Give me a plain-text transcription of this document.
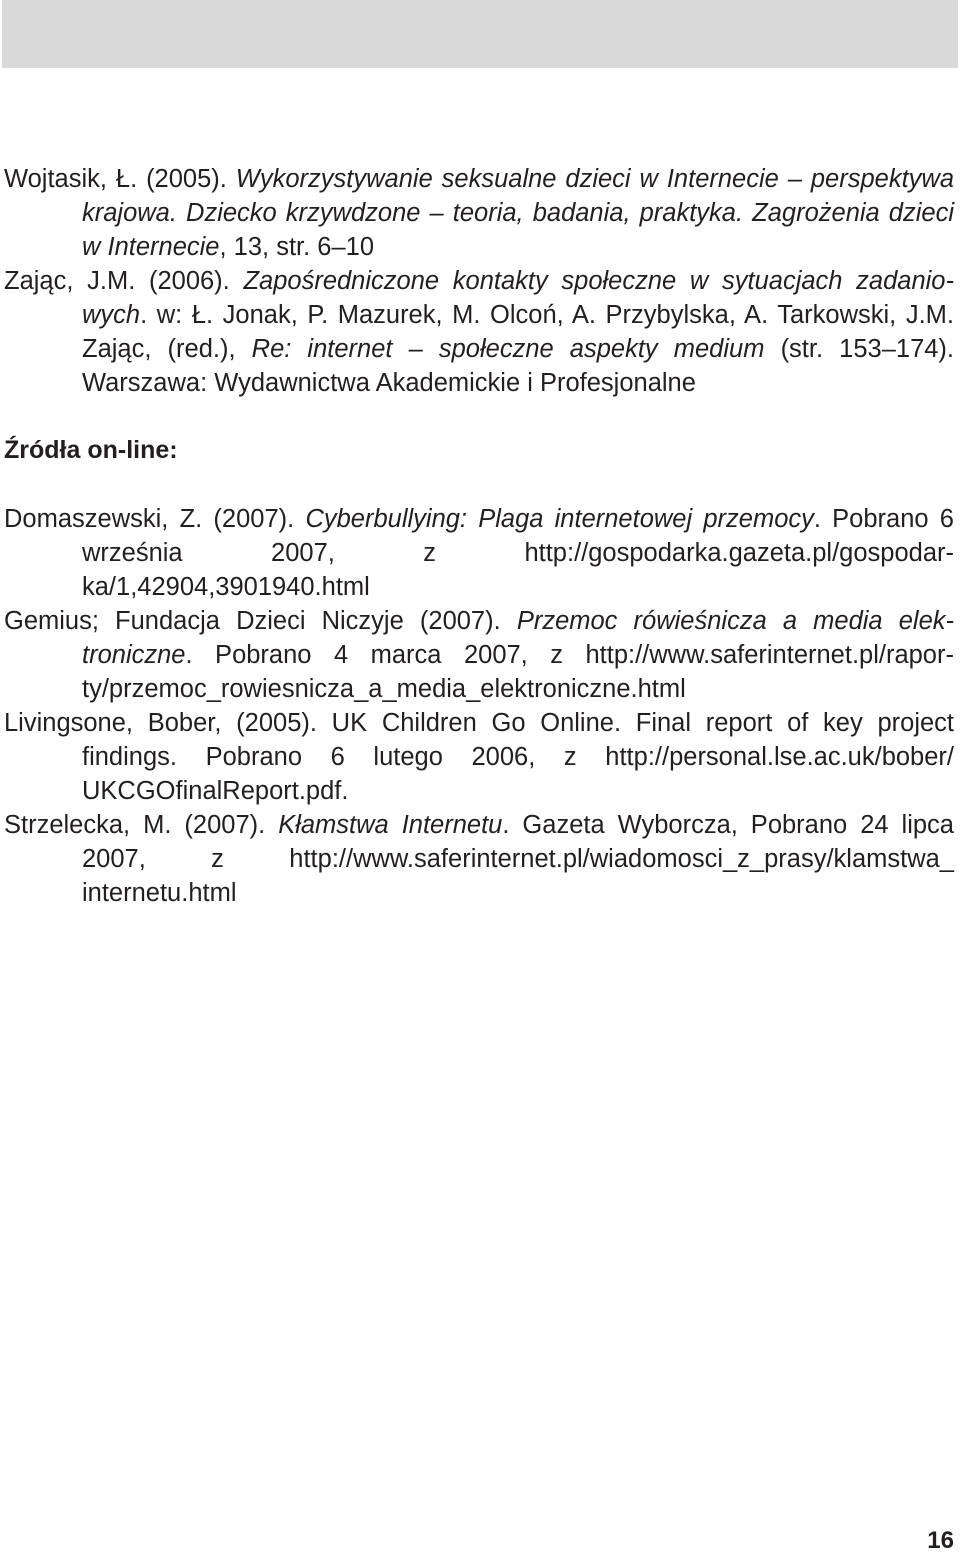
Wojtasik, Ł. (2005). Wykorzystywanie seksualne dzieci w Internecie – perspektywa krajowa. Dziecko krzywdzone – teoria, badania, praktyka. Zagrożenia dzieci w Internecie, 13, str. 6–10

Zając, J.M. (2006). Zapośredniczone kontakty społeczne w sytuacjach zadaniowych. w: Ł. Jonak, P. Mazurek, M. Olcoń, A. Przybylska, A. Tarkowski, J.M. Zając, (red.), Re: internet – społeczne aspekty medium (str. 153–174). Warszawa: Wydawnictwa Akademickie i Profesjonalne

Źródła on-line:

Domaszewski, Z. (2007). Cyberbullying: Plaga internetowej przemocy. Pobrano 6 września 2007, z http://gospodarka.gazeta.pl/gospodarka/1,42904,3901940.html

Gemius; Fundacja Dzieci Niczyje (2007). Przemoc rówieśnicza a media elektroniczne. Pobrano 4 marca 2007, z http://www.saferinternet.pl/raporty/przemoc_rowiesnicza_a_media_elektroniczne.html

Livingsone, Bober, (2005). UK Children Go Online. Final report of key project findings. Pobrano 6 lutego 2006, z http://personal.lse.ac.uk/bober/ UKCGOfinalReport.pdf.

Strzelecka, M. (2007). Kłamstwa Internetu. Gazeta Wyborcza, Pobrano 24 lipca 2007, z http://www.saferinternet.pl/wiadomosci_z_prasy/klamstwa_ internetu.html

16
